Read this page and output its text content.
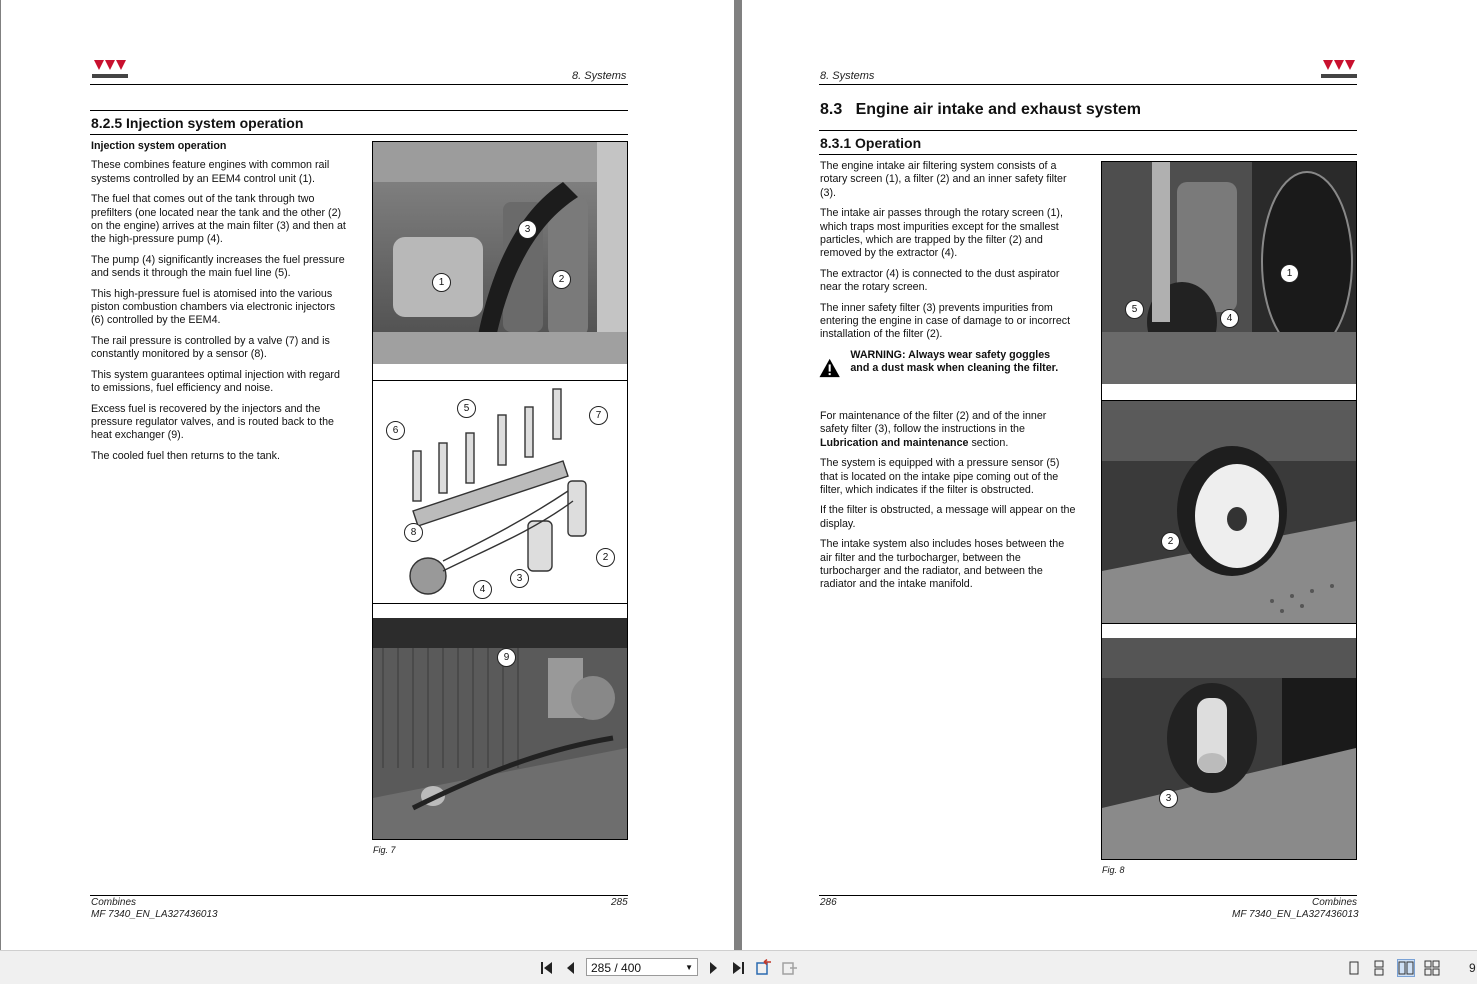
8. Systems
8.2.5 Injection system operation

Injection system operation

These combines feature engines with common rail systems controlled by an EEM4 control unit (1).

The fuel that comes out of the tank through two prefilters (one located near the tank and the other (2) on the engine) arrives at the main filter (3) and then at the high-pressure pump (4).

The pump (4) significantly increases the fuel pressure and sends it through the main fuel line (5).

This high-pressure fuel is atomised into the various piston combustion chambers via electronic injectors (6) controlled by the EEM4.

The rail pressure is controlled by a valve (7) and is constantly monitored by a sensor (8).

This system guarantees optimal injection with regard to emissions, fuel efficiency and noise.

Excess fuel is recovered by the injectors and the pressure regulator valves, and is routed back to the heat exchanger (9).

The cooled fuel then returns to the tank.

1	2
3
5
6
7
8
2
3
4
9
Fig. 7
Combines
MF 7340_EN_LA327436013
285
8. Systems
8.3 Engine air intake and exhaust system
8.3.1 Operation

The engine intake air filtering system consists of a rotary screen (1), a filter (2) and an inner safety filter (3).

The intake air passes through the rotary screen (1), which traps most impurities except for the smallest particles, which are trapped by the filter (2) and removed by the extractor (4).

The extractor (4) is connected to the dust aspirator near the rotary screen.

The inner safety filter (3) prevents impurities from entering the engine in case of damage to or incorrect installation of the filter (2).

WARNING: Always wear safety goggles and a dust mask when cleaning the filter.

For maintenance of the filter (2) and of the inner safety filter (3), follow the instructions in the Lubrication and maintenance section.

The system is equipped with a pressure sensor (5) that is located on the intake pipe coming out of the filter, which indicates if the filter is obstructed.

If the filter is obstructed, a message will appear on the display.

The intake system also includes hoses between the air filter and the turbocharger, between the turbocharger and the radiator, and between the radiator and the intake manifold.

1
5
4
2
3
Fig. 8
286	Combines
MF 7340_EN_LA327436013
285 / 400	▼	9
